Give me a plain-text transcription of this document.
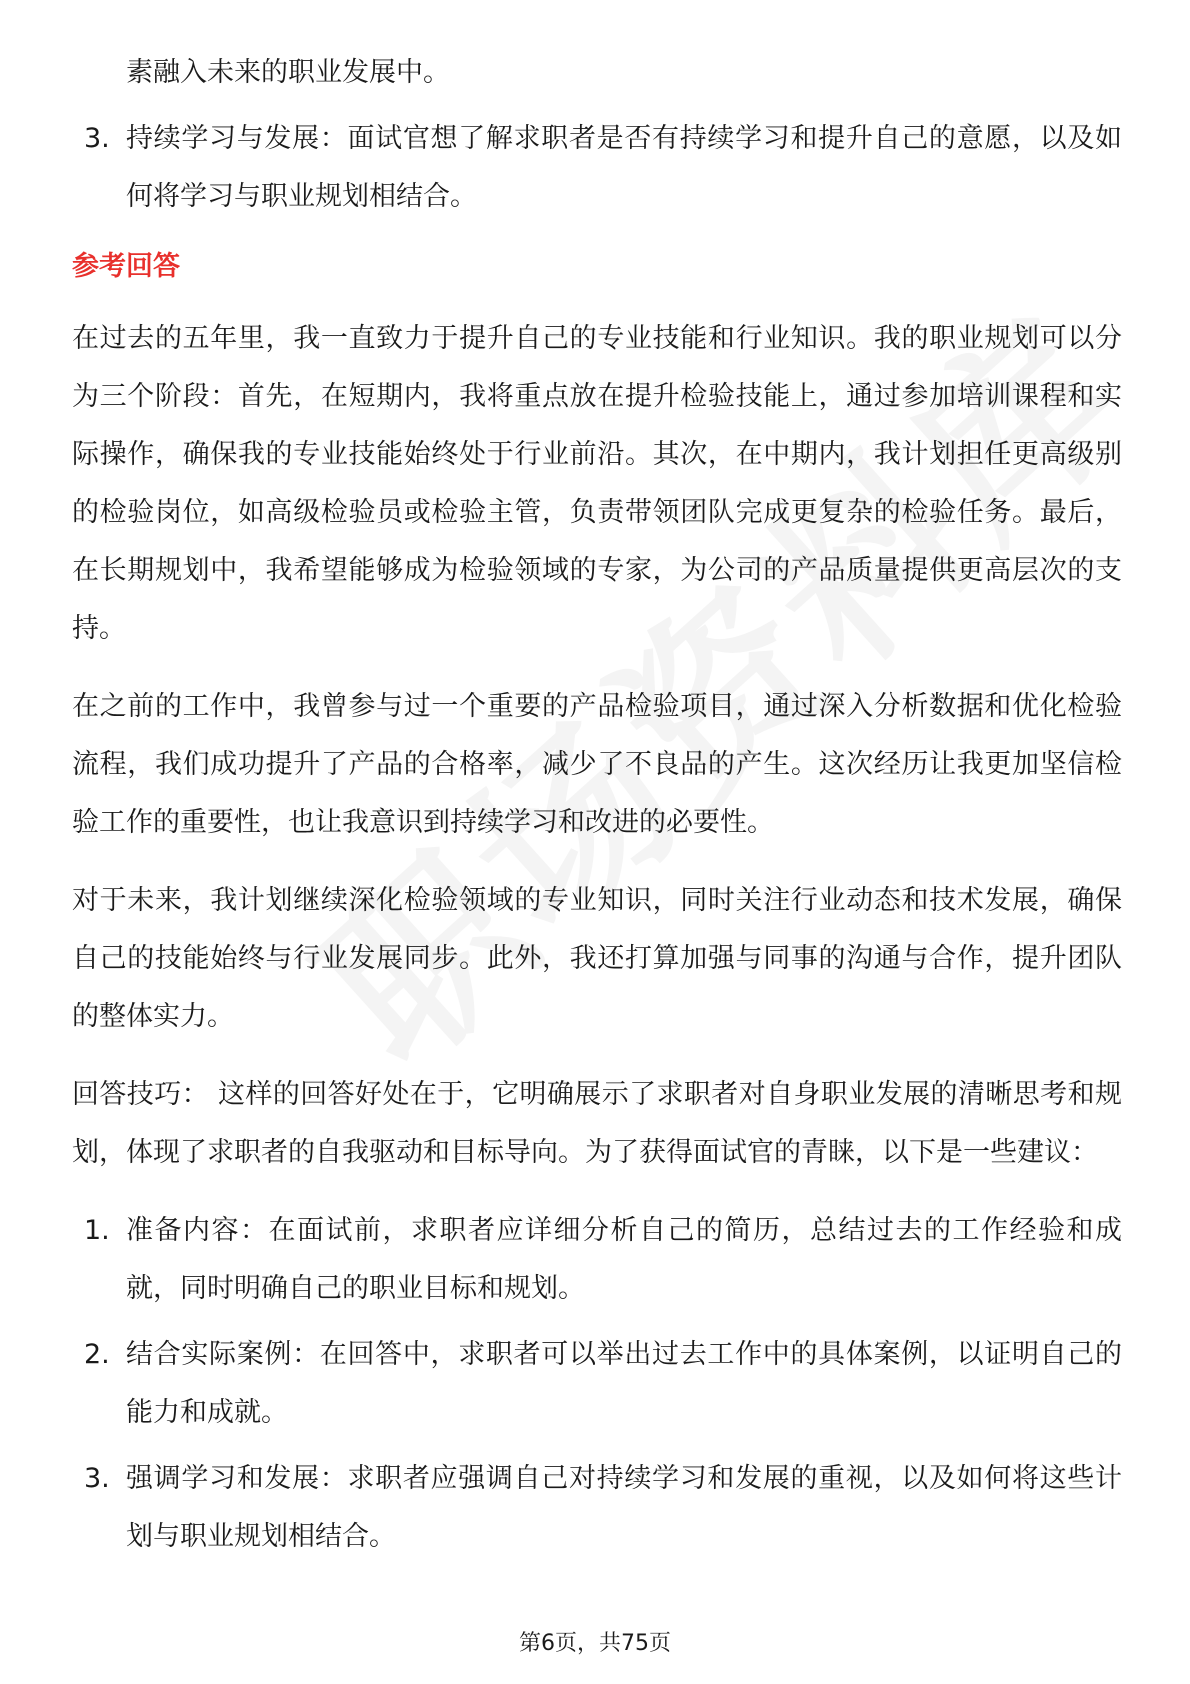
素融入未来的职业发展中。

3. 持续学习与发展：面试官想了解求职者是否有持续学习和提升自己的意愿，以及如何将学习与职业规划相结合。
参考回答

在过去的五年里，我一直致力于提升自己的专业技能和行业知识。我的职业规划可以分为三个阶段：首先，在短期内，我将重点放在提升检验技能上，通过参加培训课程和实际操作，确保我的专业技能始终处于行业前沿。其次，在中期内，我计划担任更高级别的检验岗位，如高级检验员或检验主管，负责带领团队完成更复杂的检验任务。最后，在长期规划中，我希望能够成为检验领域的专家，为公司的产品质量提供更高层次的支持。

在之前的工作中，我曾参与过一个重要的产品检验项目，通过深入分析数据和优化检验流程，我们成功提升了产品的合格率，减少了不良品的产生。这次经历让我更加坚信检验工作的重要性，也让我意识到持续学习和改进的必要性。

对于未来，我计划继续深化检验领域的专业知识，同时关注行业动态和技术发展，确保自己的技能始终与行业发展同步。此外，我还打算加强与同事的沟通与合作，提升团队的整体实力。

回答技巧： 这样的回答好处在于，它明确展示了求职者对自身职业发展的清晰思考和规划，体现了求职者的自我驱动和目标导向。为了获得面试官的青睐，以下是一些建议：

1. 准备内容：在面试前，求职者应详细分析自己的简历，总结过去的工作经验和成就，同时明确自己的职业目标和规划。
2. 结合实际案例：在回答中，求职者可以举出过去工作中的具体案例，以证明自己的能力和成就。
3. 强调学习和发展：求职者应强调自己对持续学习和发展的重视，以及如何将这些计划与职业规划相结合。
第6页，共75页
